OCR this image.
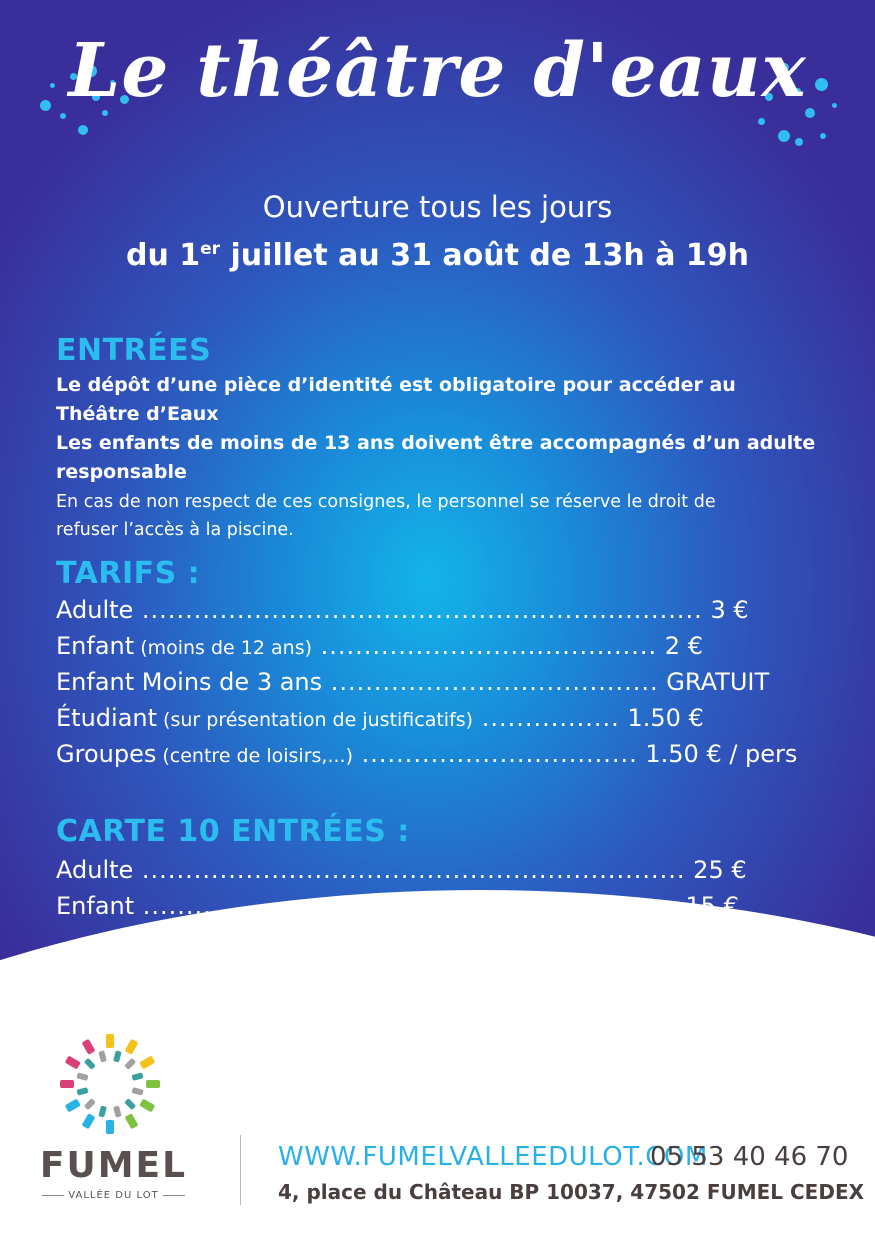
Le théâtre d'eaux
Ouverture tous les jours
du 1er juillet au 31 août de 13h à 19h
ENTRÉES
Le dépôt d’une pièce d’identité est obligatoire pour accéder au
Théâtre d’Eaux
Les enfants de moins de 13 ans doivent être accompagnés d’un adulte
responsable
En cas de non respect de ces consignes, le personnel se réserve le droit de
refuser l’accès à la piscine.
TARIFS :
Adulte ................................................................. 3 €
Enfant (moins de 12 ans) ....................................... 2 €
Enfant Moins de 3 ans ...................................... GRATUIT
Étudiant (sur présentation de justificatifs) ................ 1.50 €
Groupes (centre de loisirs,...) ................................ 1.50 € / pers
CARTE 10 ENTRÉES :
Adulte ............................................................... 25 €
Enfant .............................................................. 15 €
FUMEL
VALLÉE DU LOT
WWW.FUMELVALLEEDULOT.COM
05 53 40 46 70
4, place du Château BP 10037, 47502 FUMEL CEDEX
